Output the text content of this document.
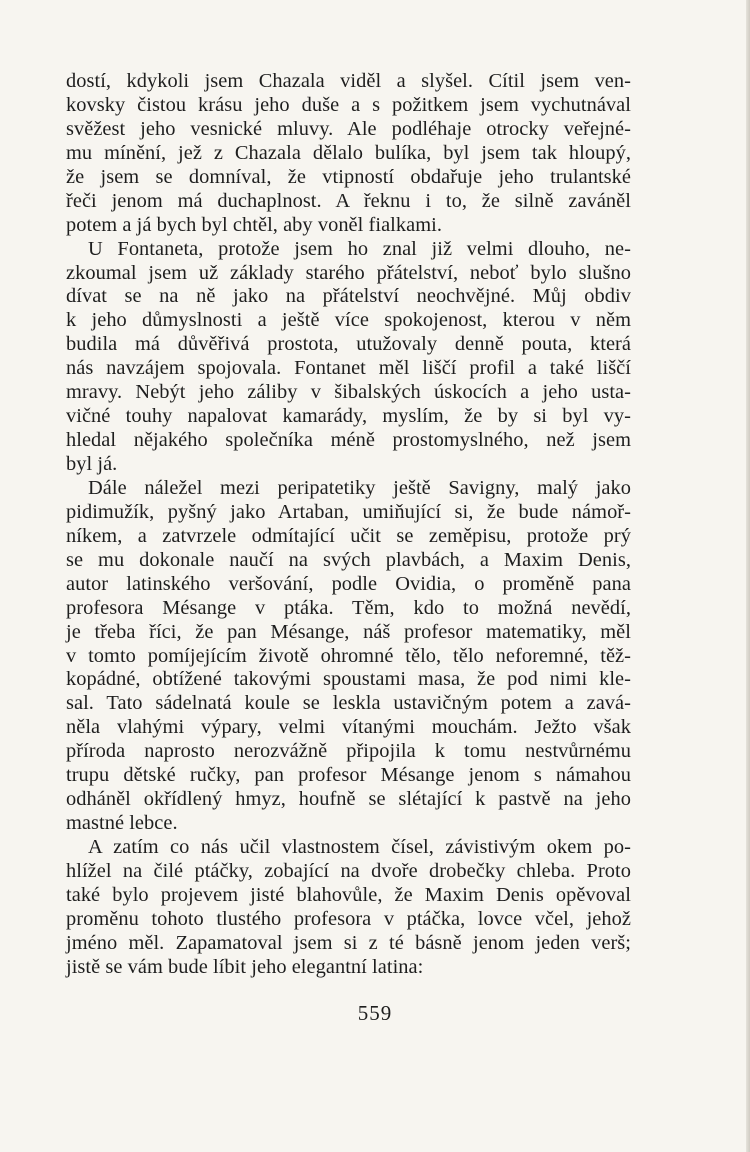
dostí, kdykoli jsem Chazala viděl a slyšel. Cítil jsem ven-
kovsky čistou krásu jeho duše a s požitkem jsem vychutnával
svěžest jeho vesnické mluvy. Ale podléhaje otrocky veřejné-
mu mínění, jež z Chazala dělalo bulíka, byl jsem tak hloupý,
že jsem se domníval, že vtipností obdařuje jeho trulantské
řeči jenom má duchaplnost. A řeknu i to, že silně zaváněl
potem a já bych byl chtěl, aby voněl fialkami.
U Fontaneta, protože jsem ho znal již velmi dlouho, ne-
zkoumal jsem už základy starého přátelství, neboť bylo slušno
dívat se na ně jako na přátelství neochvějné. Můj obdiv
k jeho důmyslnosti a ještě více spokojenost, kterou v něm
budila má důvěřivá prostota, utužovaly denně pouta, která
nás navzájem spojovala. Fontanet měl liščí profil a také liščí
mravy. Nebýt jeho záliby v šibalských úskocích a jeho usta-
vičné touhy napalovat kamarády, myslím, že by si byl vy-
hledal nějakého společníka méně prostomyslného, než jsem
byl já.
Dále náležel mezi peripatetiky ještě Savigny, malý jako
pidimužík, pyšný jako Artaban, umiňující si, že bude námoř-
níkem, a zatvrzele odmítající učit se zeměpisu, protože prý
se mu dokonale naučí na svých plavbách, a Maxim Denis,
autor latinského veršování, podle Ovidia, o proměně pana
profesora Mésange v ptáka. Těm, kdo to možná nevědí,
je třeba říci, že pan Mésange, náš profesor matematiky, měl
v tomto pomíjejícím životě ohromné tělo, tělo neforemné, těž-
kopádné, obtížené takovými spoustami masa, že pod nimi kle-
sal. Tato sádelnatá koule se leskla ustavičným potem a zavá-
něla vlahými výpary, velmi vítanými mouchám. Ježto však
příroda naprosto nerozvážně připojila k tomu nestvůrnému
trupu dětské ručky, pan profesor Mésange jenom s námahou
odháněl okřídlený hmyz, houfně se slétající k pastvě na jeho
mastné lebce.
A zatím co nás učil vlastnostem čísel, závistivým okem po-
hlížel na čilé ptáčky, zobající na dvoře drobečky chleba. Proto
také bylo projevem jisté blahovůle, že Maxim Denis opěvoval
proměnu tohoto tlustého profesora v ptáčka, lovce včel, jehož
jméno měl. Zapamatoval jsem si z té básně jenom jeden verš;
jistě se vám bude líbit jeho elegantní latina:
559
